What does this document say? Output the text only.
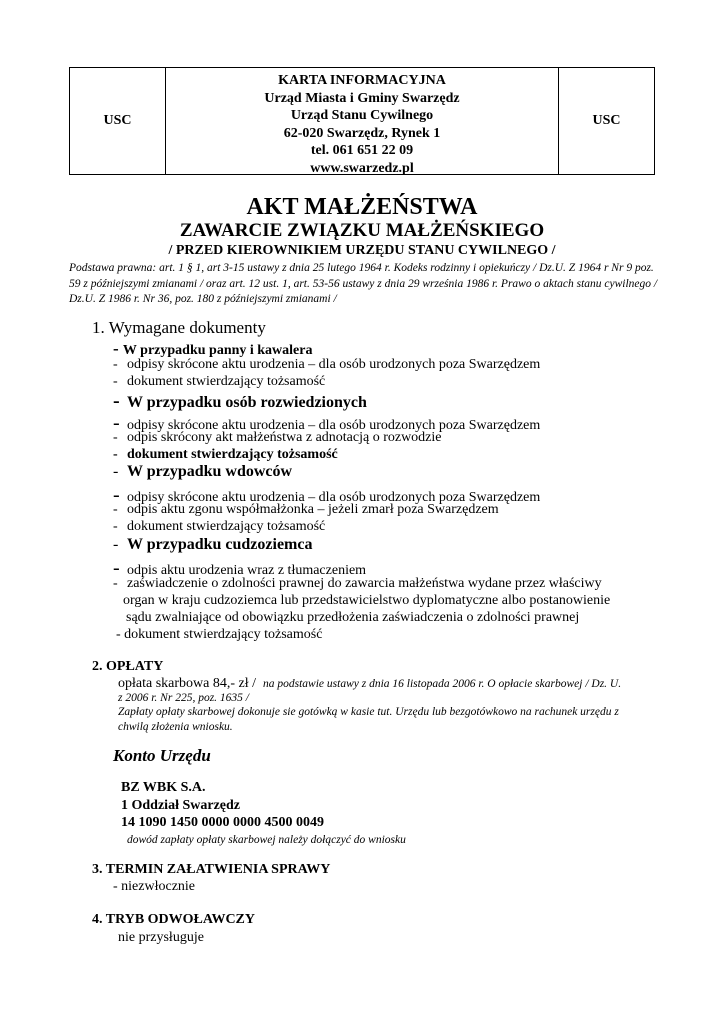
USC
KARTA INFORMACYJNA
Urząd Miasta i Gminy Swarzędz
Urząd Stanu Cywilnego
62-020 Swarzędz, Rynek 1
tel. 061 651 22 09
www.swarzedz.pl
USC
AKT MAŁŻEŃSTWA
ZAWARCIE ZWIĄZKU MAŁŻEŃSKIEGO
/ PRZED KIEROWNIKIEM URZĘDU STANU CYWILNEGO /
Podstawa prawna: art. 1 § 1, art 3-15 ustawy z dnia 25 lutego 1964 r. Kodeks rodzinny i opiekuńczy / Dz.U. Z 1964 r Nr 9 poz. 59 z późniejszymi zmianami / oraz art. 12 ust. 1, art. 53-56 ustawy z dnia 29 września 1986 r. Prawo o aktach stanu cywilnego / Dz.U. Z 1986 r. Nr 36, poz. 180 z późniejszymi zmianami /
1. Wymagane dokumenty
- W przypadku panny i kawalera
- odpisy skrócone aktu urodzenia – dla osób urodzonych poza Swarzędzem
- dokument stwierdzający tożsamość
- W przypadku osób rozwiedzionych
- odpisy skrócone aktu urodzenia – dla osób urodzonych poza Swarzędzem
- odpis skrócony akt małżeństwa z adnotacją o rozwodzie
- dokument stwierdzający tożsamość
- W przypadku wdowców
- odpisy skrócone aktu urodzenia – dla osób urodzonych poza Swarzędzem
- odpis aktu zgonu współmałżonka – jeżeli zmarł poza Swarzędzem
- dokument stwierdzający tożsamość
- W przypadku cudzoziemca
- odpis aktu urodzenia wraz z tłumaczeniem
- zaświadczenie o zdolności prawnej do zawarcia małżeństwa wydane przez właściwy
organ w kraju cudzoziemca lub przedstawicielstwo dyplomatyczne albo postanowienie
sądu zwalniające od obowiązku przedłożenia zaświadczenia o zdolności prawnej
- dokument stwierdzający tożsamość
2. OPŁATY
opłata skarbowa 84,- zł / na podstawie ustawy z dnia 16 listopada 2006 r. O opłacie skarbowej / Dz. U.
z 2006 r. Nr 225, poz. 1635 /
Zapłaty opłaty skarbowej dokonuje sie gotówką w kasie tut. Urzędu lub bezgotówkowo na rachunek urzędu z
chwilą złożenia wniosku.
Konto Urzędu
BZ WBK S.A.
1 Oddział Swarzędz
14 1090 1450 0000 0000 4500 0049
dowód zapłaty opłaty skarbowej należy dołączyć do wniosku
3. TERMIN ZAŁATWIENIA SPRAWY
- niezwłocznie
4. TRYB ODWOŁAWCZY
nie przysługuje
